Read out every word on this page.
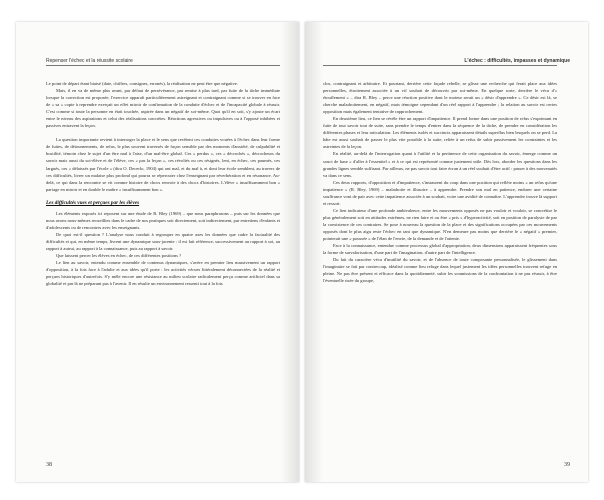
Repenser l'échec et la réussite scolaire

Le point de départ étant biaisé (date, chiffres, consignes, erronés), la réalisation ne peut être que négative.

Mais, il en va de même plus avant, par défaut de persévérance, par remise à plus tard, par fuite de la tâche immédiate lorsque la correction est proposée, l'exercice apparaît particulièrement astreignant et contraignant comme si se trouver en face de « sa » copie à reprendre exerçait un effet miroir de confirmation de la conduite d'échec et de l'incapacité globale à réussir. C'est comme si toute la personne en était touchée, aspirée dans un négatif de soi-même. Quoi qu'il en soit, s'y ajoute un écart entre le niveau des aspirations et celui des réalisations concrètes. Réactions agressives ou impulsives ou à l'opposé inhibées et passives entravent la leçon.

La question importante revient à interroger la place et le sens que revêtent ces conduites vouées à l'échec dans leur forme de fuites, de détournements, de refus, le plus souvent traversés de façon sensible par des moments d'anxiété, de culpabilité et hostilité, témoin chez le sujet d'un être mal à l'aise, d'un mal-être global. Ces « perdus », ces « décrochés », décrocheurs du savoir mais aussi du soi-élève et de l'élève, ces « pas la leçon », ces révoltés ou ces résignés, lent, en échec, ces paumés, ces largués, ces « délaissés par l'école » (dira O. Decerlo, 1904) qui ont mal, et du mal à, et dont leur école semblent, au travers de ces difficultés, livrer un malaise plus profond qui pourra se répercuter chez l'enseignant par réverbération et en résonance. Au-delà, ce qui dans la rencontre se vit comme histoire de chocs renvoie à des chocs d'histoires. L'élève « insuffisamment bon » partage en miroir et en double le maître « insuffisamment bon ».

Les difficultés vues et perçues par les élèves

Les éléments exposés ici reposent sur une étude de R. Bley (1969) – que nous paraphrasons – puis sur les données que nous avons nous-mêmes recueillies dans le cadre de nos pratiques soit directement, soit indirectement, par entretiens d'enfants et d'adolescents ou de rencontres avec les enseignants.

De quoi est-il question ? L'analyse nous conduit à regrouper en quatre axes les données que cadre la factualité des difficultés et qui, en même temps, livrent une dynamique sous-jacente : il est fait référence, successivement au rapport à soi, au rapport à autrui, au rapport à la connaissance, puis au rapport à savoir.

Que laissent percer les élèves en échec, de ces différentes positions ?

Le lien au savoir, entendu comme ensemble de contenus dynamiques, s'avère en premier lieu massivement un rapport d'opposition, à la fois face à l'adulte et aux idées qu'il porte : les activités vécues littéralement déconnectées de la réalité et perçues historiques d'autrefois. S'y mêle encore une résistance au milieu scolaire radicalement perçu comme artificiel dans sa globalité et par là ne préparant pas à l'avenir. Il en résulte un environnement ressenti tout à la fois

38
L'échec : difficultés, impasses et dynamique

clos, contraignant et arbitraire. Et pourtant, derrière cette façade rebelle, se glisse une recherche qui ferait place aux idées personnelles, étroitement associée à un vif souhait de découvrir par soi-même. En quelque sorte, derrière le vécu d'« étouffement » – dira R. Bley – perce une réaction positive dont le moteur serait un « désir d'apprendre ». Ce désir est là, se cherche maladroitement, en négatif, mais témoigne cependant d'un réel rapport à l'apprendre ; la relation au savoir est certes opposition mais également tentative de rapprochement.

En deuxième lieu, ce lien se révèle être un rapport d'impatience. Il prend forme dans une position de refus s'exprimant en fuite de tout savoir tout de suite, sans prendre le temps d'entrer dans la séquence de la tâche, de prendre en considération les différentes phases et leur articulation. Les éléments isolés et succincts apparaissent détails superflus bien lesquels on se perd. La hâte est aussi souhait de passer le plus vite possible à la suite, reliée à un refus de subir passivement les contraintes et les astreintes de la leçon.

En réalité, au-delà de l'interrogation quant à l'utilité et la pertinence de cette organisation du savoir, émerge comme un souci de base « d'aller à l'essentiel » et à ce qui est représenté comme justement utile. Dès lors, aborder les questions dans les grandes lignes semble suffisant. Par ailleurs, ne pas savoir tout faire écran à un réel souhait d'être actif : passer à des nouveautés va dans ce sens.

Ces deux rapports, d'opposition et d'impatience, s'instaurent du coup dans une position qui reflète moins « un refus qu'une impatience » (R. Bley, 1969) – maladroite et illusoire – à apprendre. Prendre son mal en patience, endurer une certaine souffrance vont de pair avec cette impatience associée à un souhait, voire une avidité de connaître. L'apprendre trouve là support et ressort.

Ce lien indicateur d'une profonde ambivalence, entre les mouvements opposés ne pas vouloir et vouloir, se concrétise le plus généralement soit en attitudes extrêmes, ne rien faire et ou être « pris » d'hyperactivité, soit en position de paralysie de par la coexistence de ces contraires. Se pose à nouveau la question de la place et des significations occupées par ces mouvements opposés dont le plus aigu reste l'échec en tant que dynamique. N'en demeure pas moins que derrière le « négatif » premier, pointerait une « poussée » de l'élan de l'envie, de la demande et de l'attente.

Face à la connaissance, entendue comme processus global d'appropriation, deux dimensions apparaissent fréquentes sous la forme de survalorisation, d'une part de l'imagination, d'autre part de l'intelligence.

Du fait du caractère vécu d'inutilité du savoir, et de l'absence de toute composante personnalisée, le glissement dans l'imaginaire se fait par contrecoup, idéalisé comme lieu refuge dans lequel justement les idées personnelles trouvent refuge en pleine. Ne pas être présent et efficace dans la quotidienneté, subir les soumissions de la confrontation à ne pas réussir, à être l'éventuelle risée du groupe,

39
